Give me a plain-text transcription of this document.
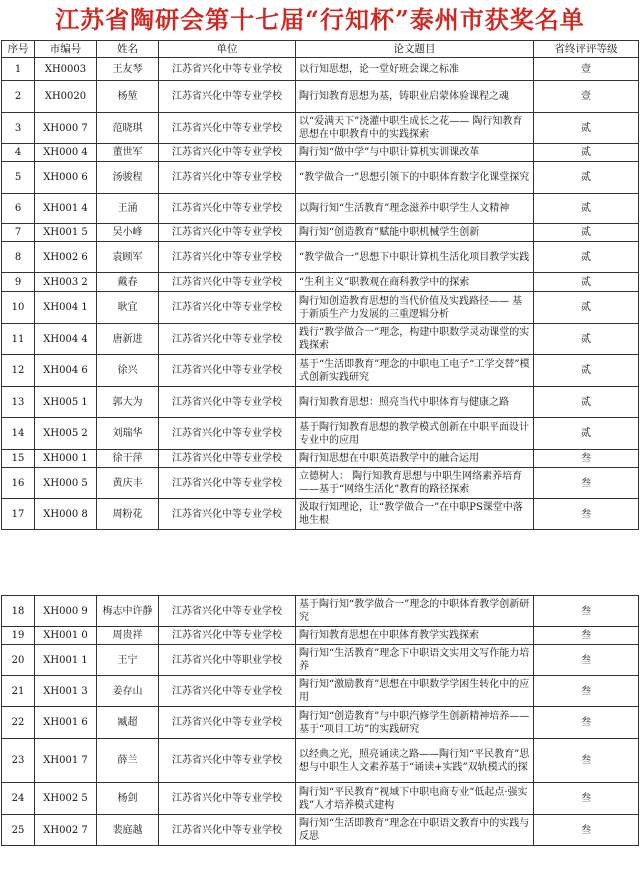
江苏省陶研会第十七届“行知杯”泰州市获奖名单
序号	市编号	姓名	单位	论文题目	省终评评等级
1	XH0003	王友琴	江苏省兴化中等专业学校	以行知思想，论一堂好班会课之标准	壹
2	XH0020	杨堃	江苏省兴化中等专业学校	陶行知教育思想为基，铸职业启蒙体验课程之魂	壹
3	XH000 7	范晓琪	江苏省兴化中等专业学校	以“爱满天下”浇灌中职生成长之花—— 陶行知教育思想在中职教育中的实践探索	贰
4	XH000 4	董世军	江苏省兴化中等专业学校	陶行知“做中学”与中职计算机实训课改革	贰
5	XH000 6	汤骏程	江苏省兴化中等专业学校	“教学做合一”思想引领下的中职体育数字化课堂探究	贰
6	XH001 4	王涌	江苏省兴化中等专业学校	以陶行知“生活教育”理念滋养中职学生人文精神	贰
7	XH001 5	吴小峰	江苏省兴化中等专业学校	陶行知“创造教育”赋能中职机械学生创新	贰
8	XH002 6	袁顾军	江苏省兴化中等专业学校	“教学做合一”思想下中职计算机生活化项目教学实践	贰
9	XH003 2	戴春	江苏省兴化中等专业学校	“生利主义”职教观在商科教学中的探索	贰
10	XH004 1	耿宜	江苏省兴化中等专业学校	陶行知创造教育思想的当代价值及实践路径—— 基于新质生产力发展的三重逻辑分析	贰
11	XH004 4	唐新进	江苏省兴化中等专业学校	践行“教学做合一”理念，构建中职数学灵动课堂的实践探索	贰
12	XH004 6	徐兴	江苏省兴化中等专业学校	基于“生活即教育”理念的中职电工电子“工学交替”模式创新实践研究	贰
13	XH005 1	郭大为	江苏省兴化中等专业学校	陶行知教育思想：照亮当代中职体育与健康之路	贰
14	XH005 2	刘瑞华	江苏省兴化中等专业学校	基于陶行知教育思想的教学模式创新在中职平面设计专业中的应用	贰
15	XH000 1	徐干萍	江苏省兴化中等专业学校	陶行知思想在中职英语教学中的融合运用	叁
16	XH000 5	黄庆丰	江苏省兴化中等专业学校	立德树人： 陶行知教育思想与中职生网络素养培育——基于“网络生活化”教育的路径探索	叁
17	XH000 8	周粉花	江苏省兴化中等专业学校	汲取行知理论，让“教学做合一”在中职PS课堂中落地生根	叁
18	XH000 9	梅志中许静	江苏省兴化中等专业学校	基于陶行知“教学做合一”理念的中职体育教学创新研究	叁
19	XH001 0	周贵祥	江苏省兴化中等专业学校	陶行知教育思想在中职体育教学实践探索	叁
20	XH001 1	王宁	江苏省兴化中等职业学校	陶行知“生活教育”理念下中职语文实用文写作能力培养	叁
21	XH001 3	姜存山	江苏省兴化中等专业学校	陶行知“激励教育”思想在中职数学学困生转化中的应用	叁
22	XH001 6	臧超	江苏省兴化中等专业学校	陶行知“创造教育”与中职汽修学生创新精神培养——基于“项目工坊”的实践研究	叁
23	XH001 7	薛兰	江苏省兴化中等专业学校	以经典之光，照亮诵读之路——陶行知“平民教育”思想与中职生人文素养基于“诵读+实践”双轨模式的探	叁
24	XH002 5	杨剑	江苏省兴化中等专业学校	陶行知“平民教育”视域下中职电商专业“低起点·强实践”人才培养模式建构	叁
25	XH002 7	裴庭越	江苏省兴化中等专业学校	陶行知“生活即教育”理念在中职语文教育中的实践与反思	叁
